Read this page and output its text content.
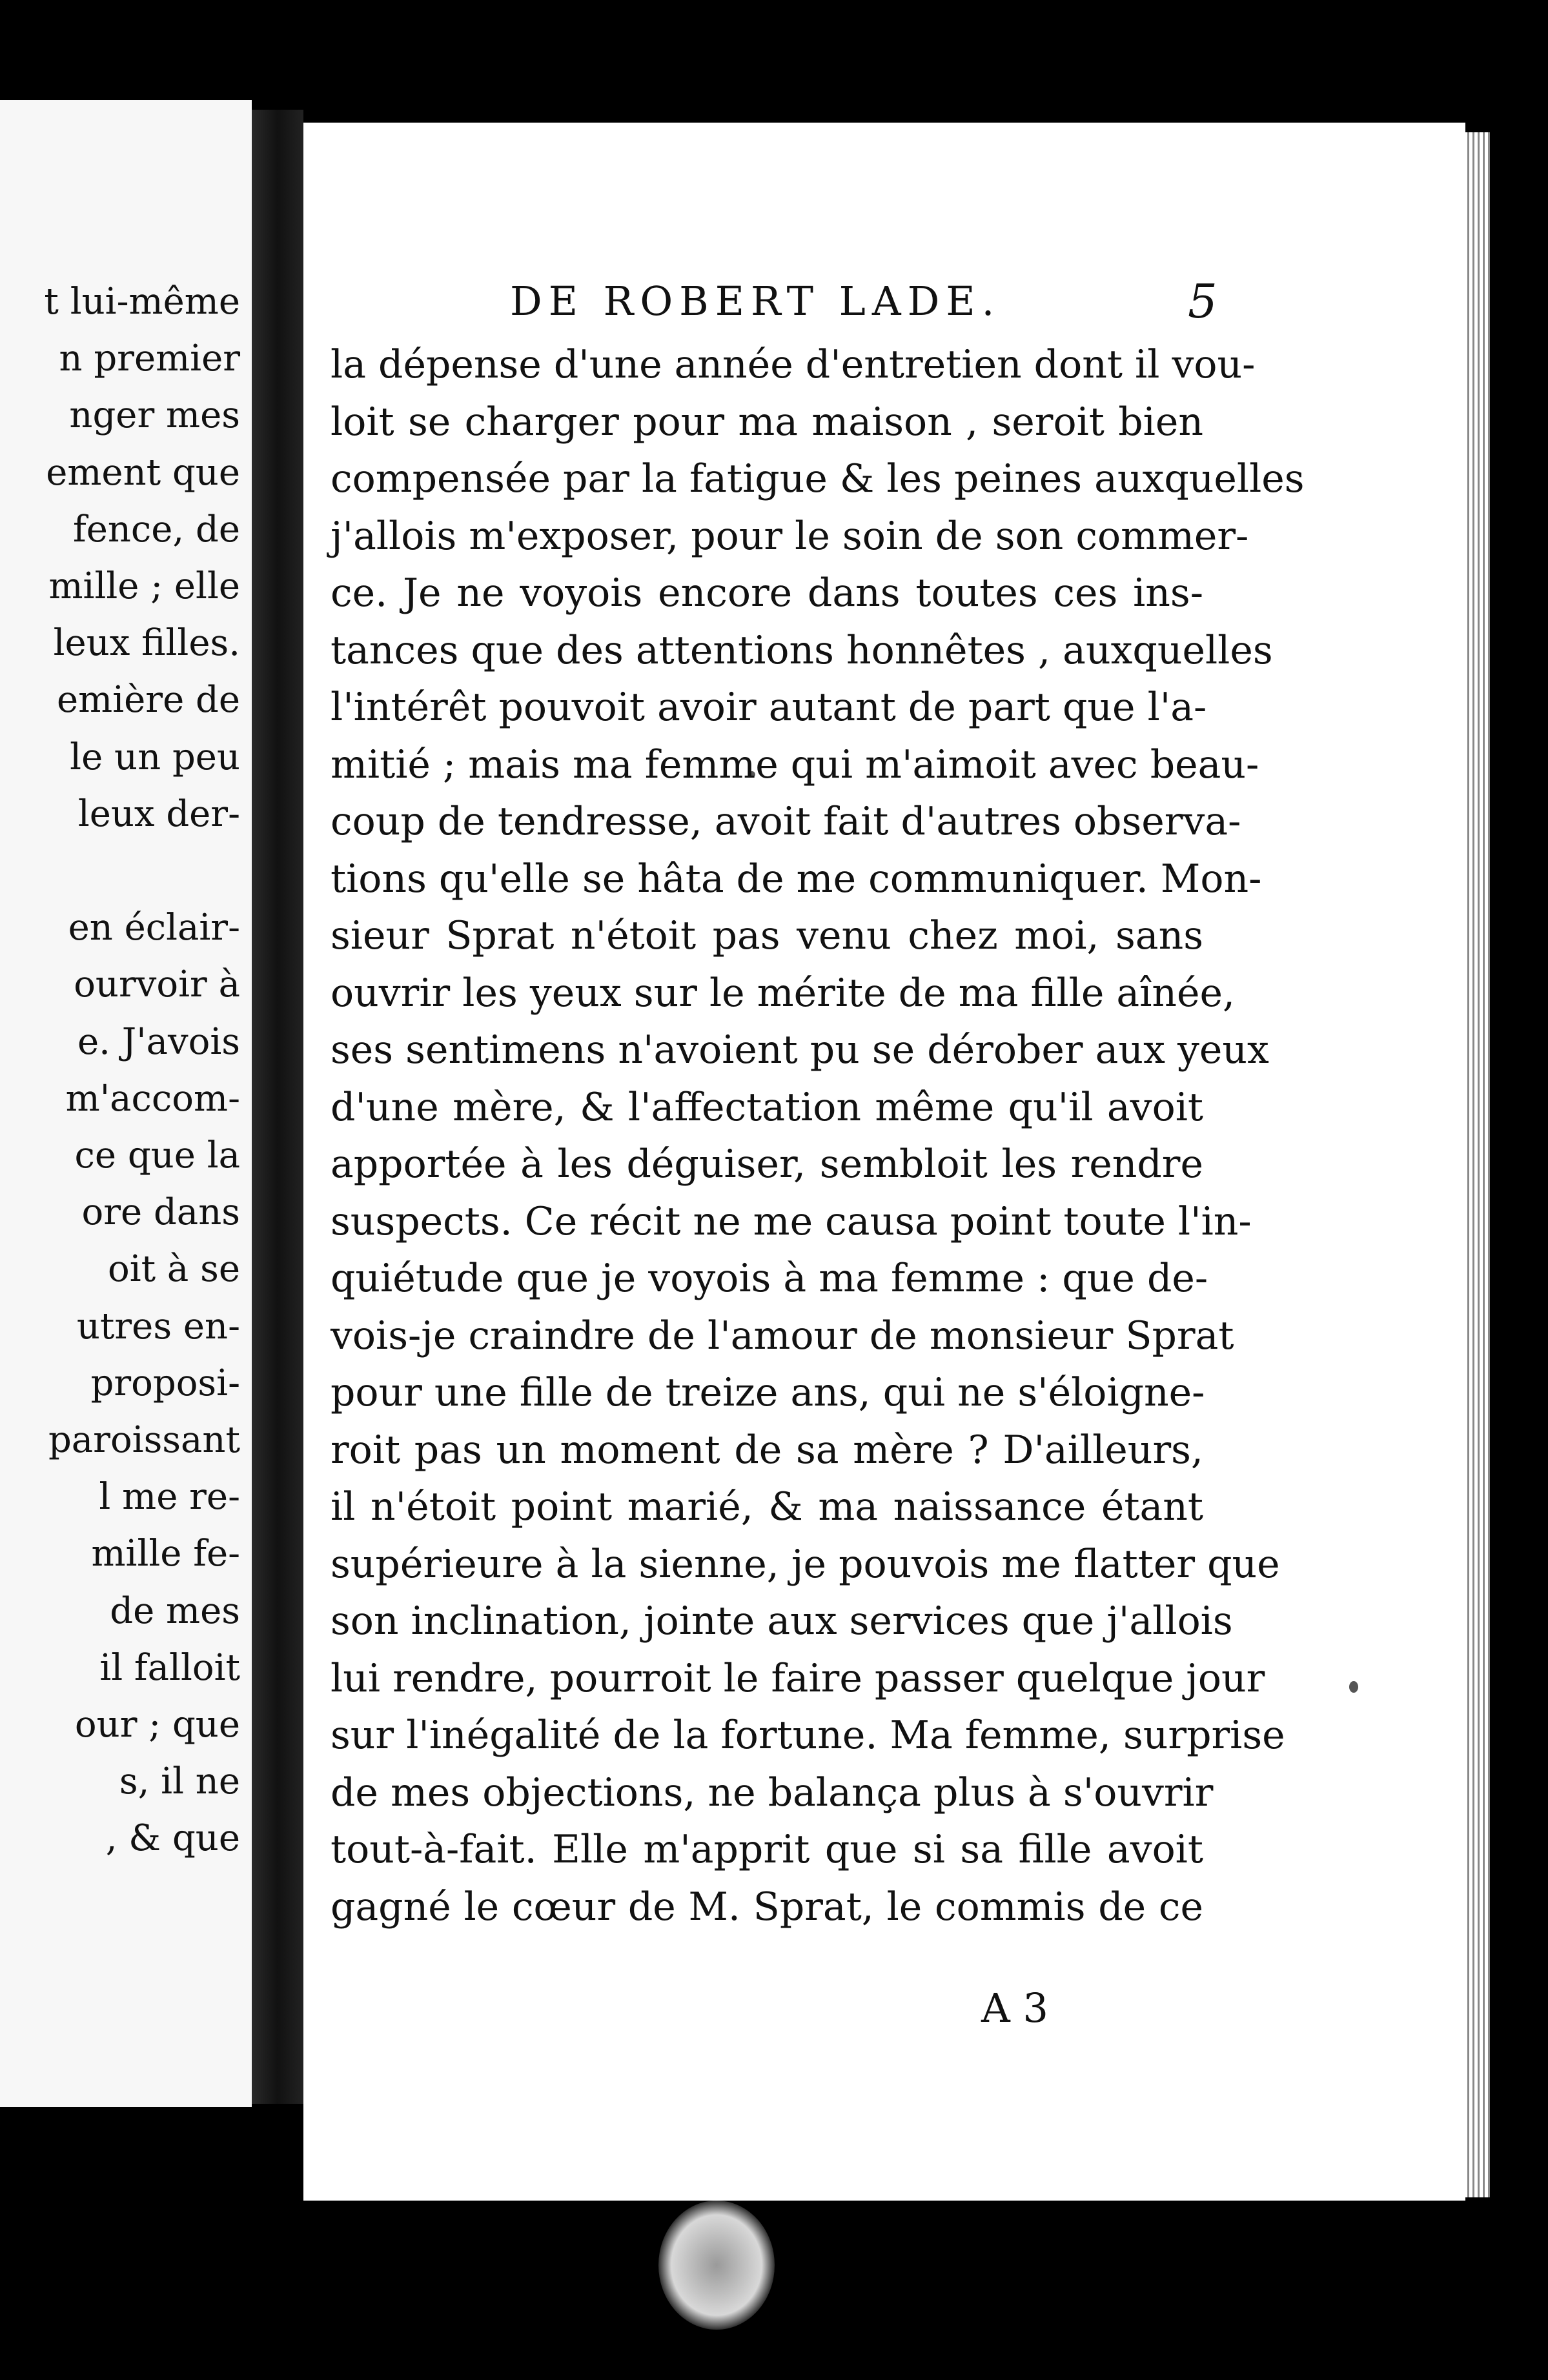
t lui-même
n premier
nger mes
ement que
fence, de
mille ; elle
leux filles.
emière de
le un peu
leux der-
en éclair-
ourvoir à
e. J'avois
m'accom-
ce que la
ore dans
oit à se
utres en-
proposi-
paroissant
l me re-
mille fe-
de mes
il falloit
our ; que
s, il ne
, & que
DE ROBERT LADE.	5
la dépense d'une année d'entretien dont il vou-
loit se charger pour ma maison , seroit bien
compensée par la fatigue & les peines auxquelles
j'allois m'exposer, pour le soin de son commer-
ce. Je ne voyois encore dans toutes ces ins-
tances que des attentions honnêtes , auxquelles
l'intérêt pouvoit avoir autant de part que l'a-
mitié ; mais ma femme qui m'aimoit avec beau-
coup de tendresse, avoit fait d'autres observa-
tions qu'elle se hâta de me communiquer. Mon-
sieur Sprat n'étoit pas venu chez moi, sans
ouvrir les yeux sur le mérite de ma fille aînée,
ses sentimens n'avoient pu se dérober aux yeux
d'une mère, & l'affectation même qu'il avoit
apportée à les déguiser, sembloit les rendre
suspects. Ce récit ne me causa point toute l'in-
quiétude que je voyois à ma femme : que de-
vois-je craindre de l'amour de monsieur Sprat
pour une fille de treize ans, qui ne s'éloigne-
roit pas un moment de sa mère ? D'ailleurs,
il n'étoit point marié, & ma naissance étant
supérieure à la sienne, je pouvois me flatter que
son inclination, jointe aux services que j'allois
lui rendre, pourroit le faire passer quelque jour
sur l'inégalité de la fortune. Ma femme, surprise
de mes objections, ne balança plus à s'ouvrir
tout-à-fait. Elle m'apprit que si sa fille avoit
gagné le cœur de M. Sprat, le commis de ce
A 3
